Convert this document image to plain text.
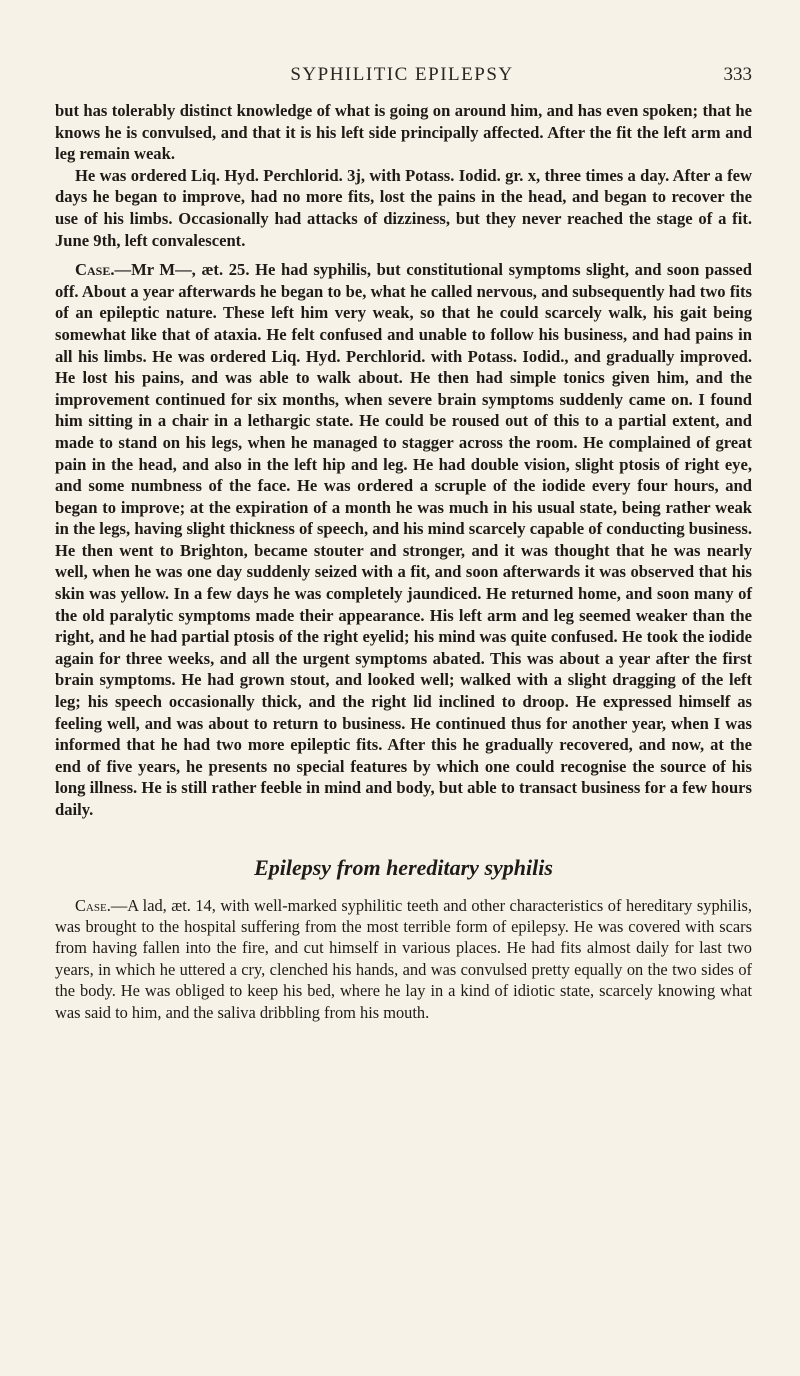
SYPHILITIC EPILEPSY	333

but has tolerably distinct knowledge of what is going on around him, and has even spoken; that he knows he is convulsed, and that it is his left side principally affected. After the fit the left arm and leg remain weak.

He was ordered Liq. Hyd. Perchlorid. 3j, with Potass. Iodid. gr. x, three times a day. After a few days he began to improve, had no more fits, lost the pains in the head, and began to recover the use of his limbs. Occasionally had attacks of dizziness, but they never reached the stage of a fit. June 9th, left convalescent.

Case.—Mr M—, æt. 25. He had syphilis, but constitutional symptoms slight, and soon passed off. About a year afterwards he began to be, what he called nervous, and subsequently had two fits of an epileptic nature. These left him very weak, so that he could scarcely walk, his gait being somewhat like that of ataxia. He felt confused and unable to follow his business, and had pains in all his limbs. He was ordered Liq. Hyd. Perchlorid. with Potass. Iodid., and gradually improved. He lost his pains, and was able to walk about. He then had simple tonics given him, and the improvement continued for six months, when severe brain symptoms suddenly came on. I found him sitting in a chair in a lethargic state. He could be roused out of this to a partial extent, and made to stand on his legs, when he managed to stagger across the room. He complained of great pain in the head, and also in the left hip and leg. He had double vision, slight ptosis of right eye, and some numbness of the face. He was ordered a scruple of the iodide every four hours, and began to improve; at the expiration of a month he was much in his usual state, being rather weak in the legs, having slight thickness of speech, and his mind scarcely capable of conducting business. He then went to Brighton, became stouter and stronger, and it was thought that he was nearly well, when he was one day suddenly seized with a fit, and soon afterwards it was observed that his skin was yellow. In a few days he was completely jaundiced. He returned home, and soon many of the old paralytic symptoms made their appearance. His left arm and leg seemed weaker than the right, and he had partial ptosis of the right eyelid; his mind was quite confused. He took the iodide again for three weeks, and all the urgent symptoms abated. This was about a year after the first brain symptoms. He had grown stout, and looked well; walked with a slight dragging of the left leg; his speech occasionally thick, and the right lid inclined to droop. He expressed himself as feeling well, and was about to return to business. He continued thus for another year, when I was informed that he had two more epileptic fits. After this he gradually recovered, and now, at the end of five years, he presents no special features by which one could recognise the source of his long illness. He is still rather feeble in mind and body, but able to transact business for a few hours daily.

Epilepsy from hereditary syphilis

Case.—A lad, æt. 14, with well-marked syphilitic teeth and other characteristics of hereditary syphilis, was brought to the hospital suffering from the most terrible form of epilepsy. He was covered with scars from having fallen into the fire, and cut himself in various places. He had fits almost daily for last two years, in which he uttered a cry, clenched his hands, and was convulsed pretty equally on the two sides of the body. He was obliged to keep his bed, where he lay in a kind of idiotic state, scarcely knowing what was said to him, and the saliva dribbling from his mouth.
